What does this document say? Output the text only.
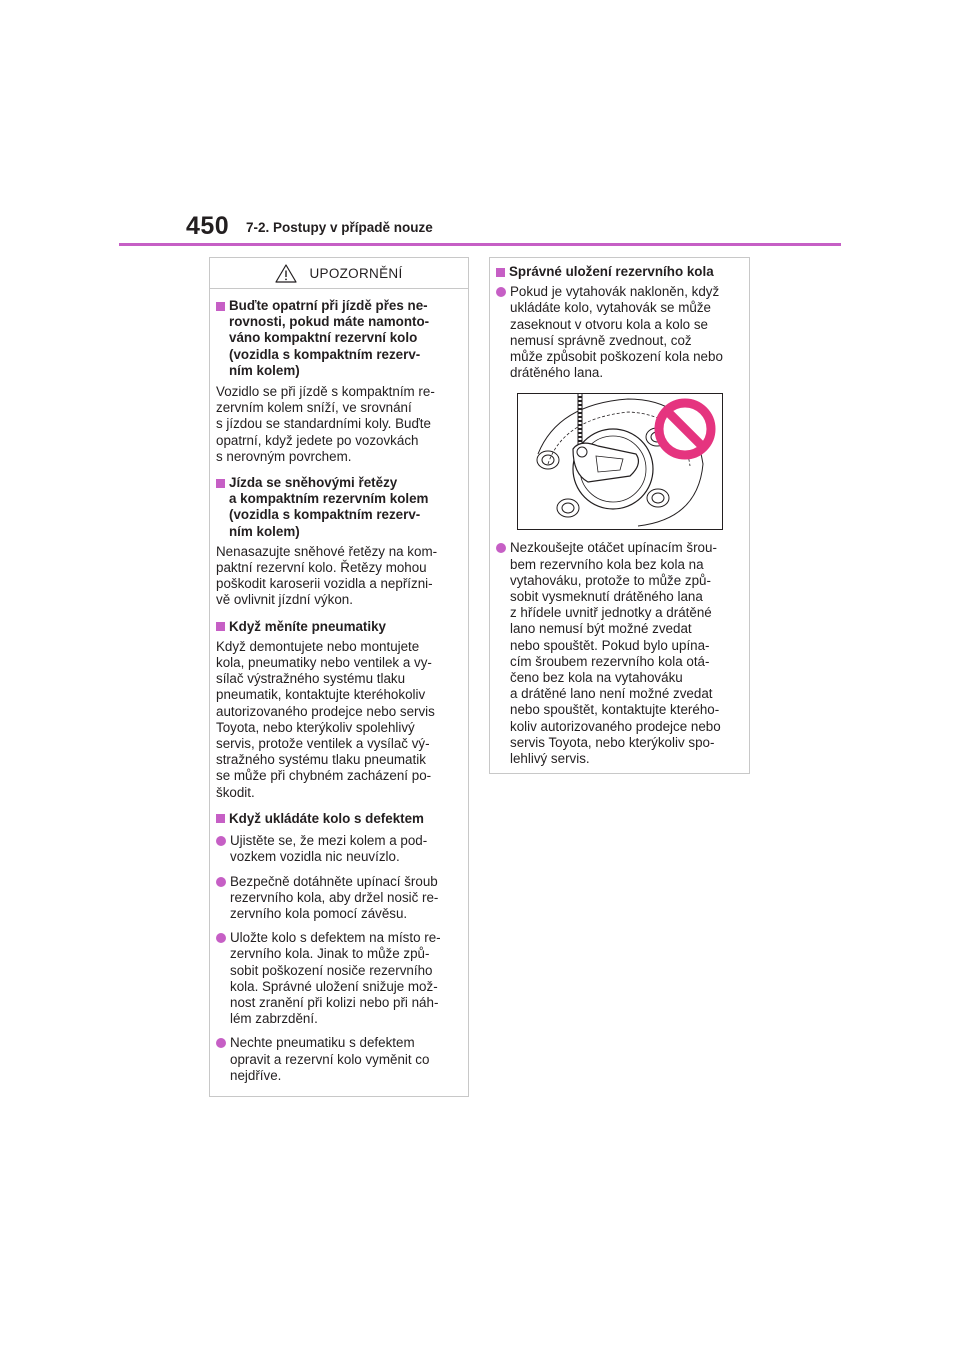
450 7-2. Postupy v případě nouze
UPOZORNĚNÍ
Buďte opatrní při jízdě přes ne-
rovnosti, pokud máte namonto-
váno kompaktní rezervní kolo
(vozidla s kompaktním rezerv-
ním kolem)
Vozidlo se při jízdě s kompaktním re-
zervním kolem sníží, ve srovnání
s jízdou se standardními koly. Buďte
opatrní, když jedete po vozovkách
s nerovným povrchem.
Jízda se sněhovými řetězy
a kompaktním rezervním kolem
(vozidla s kompaktním rezerv-
ním kolem)
Nenasazujte sněhové řetězy na kom-
paktní rezervní kolo. Řetězy mohou
poškodit karoserii vozidla a nepřízni-
vě ovlivnit jízdní výkon.
Když měníte pneumatiky
Když demontujete nebo montujete
kola, pneumatiky nebo ventilek a vy-
sílač výstražného systému tlaku
pneumatik, kontaktujte kteréhokoliv
autorizovaného prodejce nebo servis
Toyota, nebo kterýkoliv spolehlivý
servis, protože ventilek a vysílač vý-
stražného systému tlaku pneumatik
se může při chybném zacházení po-
škodit.
Když ukládáte kolo s defektem
Ujistěte se, že mezi kolem a pod-
vozkem vozidla nic neuvízlo.
Bezpečně dotáhněte upínací šroub
rezervního kola, aby držel nosič re-
zervního kola pomocí závěsu.
Uložte kolo s defektem na místo re-
zervního kola. Jinak to může způ-
sobit poškození nosiče rezervního
kola. Správné uložení snižuje mož-
nost zranění při kolizi nebo při náh-
lém zabrzdění.
Nechte pneumatiku s defektem
opravit a rezervní kolo vyměnit co
nejdříve.
Správné uložení rezervního kola
Pokud je vytahovák nakloněn, když
ukládáte kolo, vytahovák se může
zaseknout v otvoru kola a kolo se
nemusí správně zvednout, což
může způsobit poškození kola nebo
drátěného lana.
Nezkoušejte otáčet upínacím šrou-
bem rezervního kola bez kola na
vytahováku, protože to může způ-
sobit vysmeknutí drátěného lana
z hřídele uvnitř jednotky a drátěné
lano nemusí být možné zvedat
nebo spouštět. Pokud bylo upína-
cím šroubem rezervního kola otá-
čeno bez kola na vytahováku
a drátěné lano není možné zvedat
nebo spouštět, kontaktujte kterého-
koliv autorizovaného prodejce nebo
servis Toyota, nebo kterýkoliv spo-
lehlivý servis.
